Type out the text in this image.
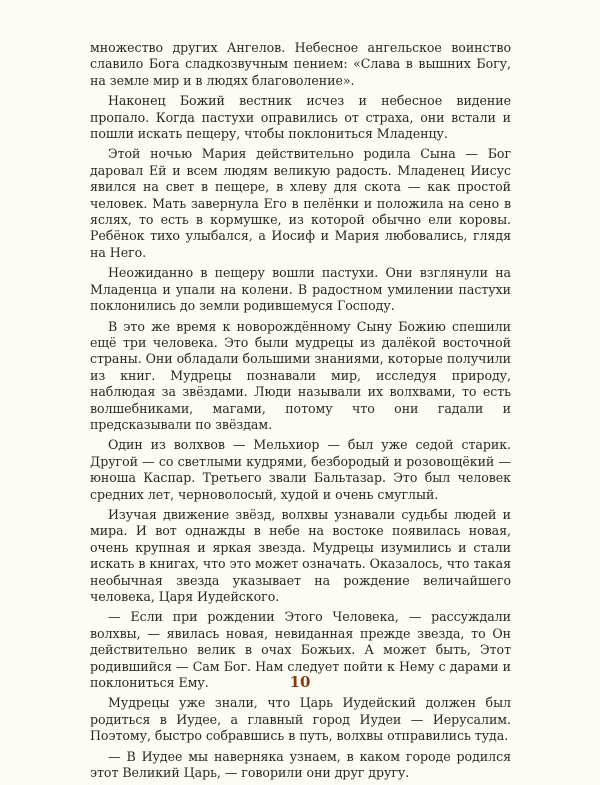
множество других Ангелов. Небесное ангельское воинство славило Бога сладкозвучным пением: «Слава в вышних Богу, на земле мир и в людях благоволение».

Наконец Божий вестник исчез и небесное видение пропало. Когда пастухи оправились от страха, они встали и пошли искать пещеру, чтобы поклониться Младенцу.

Этой ночью Мария действительно родила Сына — Бог даровал Ей и всем людям великую радость. Младенец Иисус явился на свет в пещере, в хлеву для скота — как простой человек. Мать завернула Его в пелёнки и положила на сено в яслях, то есть в кормушке, из которой обычно ели коровы. Ребёнок тихо улыбался, а Иосиф и Мария любовались, глядя на Него.

Неожиданно в пещеру вошли пастухи. Они взглянули на Младенца и упали на колени. В радостном умилении пастухи поклонились до земли родившемуся Господу.

В это же время к новорождённому Сыну Божию спешили ещё три человека. Это были мудрецы из далёкой восточной страны. Они обладали большими знаниями, которые получили из книг. Мудрецы познавали мир, исследуя природу, наблюдая за звёздами. Люди называли их волхвами, то есть волшебниками, магами, потому что они гадали и предсказывали по звёздам.

Один из волхвов — Мельхиор — был уже седой старик. Другой — со светлыми кудрями, безбородый и розовощёкий — юноша Каспар. Третьего звали Бальтазар. Это был человек средних лет, черноволосый, худой и очень смуглый.

Изучая движение звёзд, волхвы узнавали судьбы людей и мира. И вот однажды в небе на востоке появилась новая, очень крупная и яркая звезда. Мудрецы изумились и стали искать в книгах, что это может означать. Оказалось, что такая необычная звезда указывает на рождение величайшего человека, Царя Иудейского.

— Если при рождении Этого Человека, — рассуждали волхвы, — явилась новая, невиданная прежде звезда, то Он действительно велик в очах Божьих. А может быть, Этот родившийся — Сам Бог. Нам следует пойти к Нему с дарами и поклониться Ему.

Мудрецы уже знали, что Царь Иудейский должен был родиться в Иудее, а главный город Иудеи — Иерусалим. Поэтому, быстро собравшись в путь, волхвы отправились туда.

— В Иудее мы наверняка узнаем, в каком городе родился этот Великий Царь, — говорили они друг другу.

10
